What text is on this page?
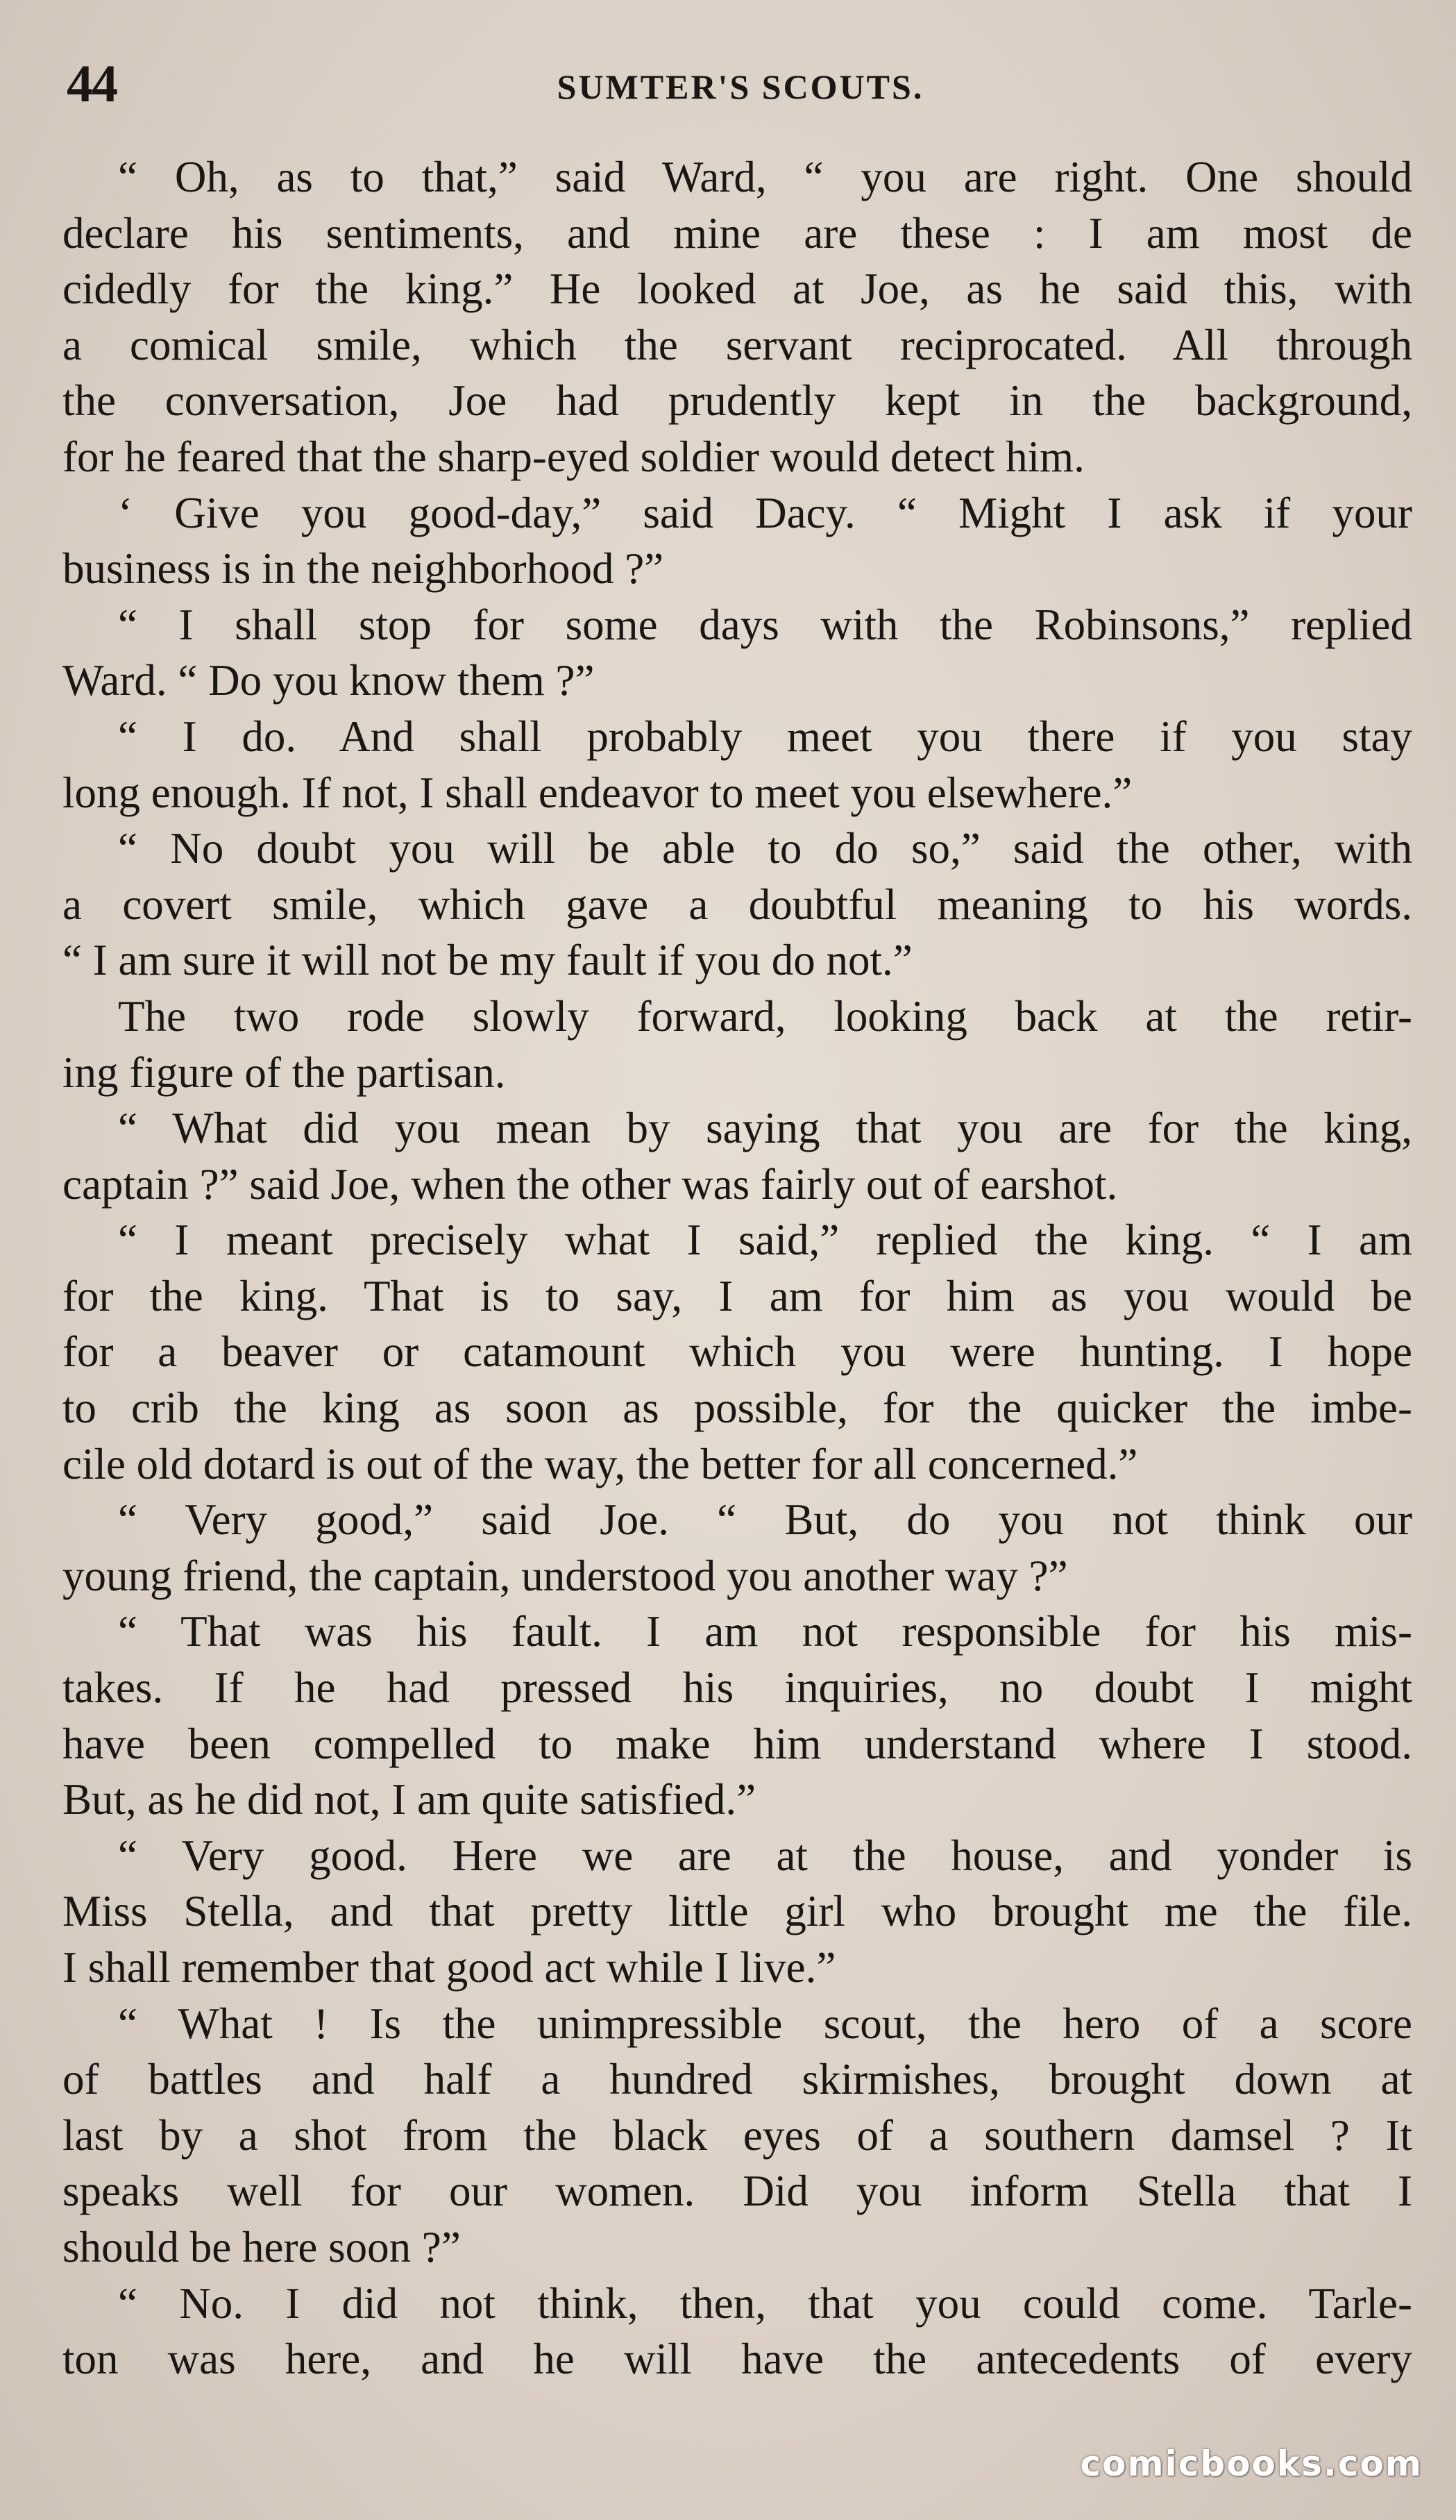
44	SUMTER'S SCOUTS.
“ Oh, as to that,” said Ward, “ you are right. One should
declare his sentiments, and mine are these : I am most de
cidedly for the king.” He looked at Joe, as he said this, with
a comical smile, which the servant reciprocated. All through
the conversation, Joe had prudently kept in the background,
for he feared that the sharp-eyed soldier would detect him.
‘ Give you good-day,” said Dacy. “ Might I ask if your
business is in the neighborhood ?”
“ I shall stop for some days with the Robinsons,” replied
Ward. “ Do you know them ?”
“ I do. And shall probably meet you there if you stay
long enough. If not, I shall endeavor to meet you elsewhere.”
“ No doubt you will be able to do so,” said the other, with
a covert smile, which gave a doubtful meaning to his words.
“ I am sure it will not be my fault if you do not.”
The two rode slowly forward, looking back at the retir-
ing figure of the partisan.
“ What did you mean by saying that you are for the king,
captain ?” said Joe, when the other was fairly out of earshot.
“ I meant precisely what I said,” replied the king. “ I am
for the king. That is to say, I am for him as you would be
for a beaver or catamount which you were hunting. I hope
to crib the king as soon as possible, for the quicker the imbe-
cile old dotard is out of the way, the better for all concerned.”
“ Very good,” said Joe. “ But, do you not think our
young friend, the captain, understood you another way ?”
“ That was his fault. I am not responsible for his mis-
takes. If he had pressed his inquiries, no doubt I might
have been compelled to make him understand where I stood.
But, as he did not, I am quite satisfied.”
“ Very good. Here we are at the house, and yonder is
Miss Stella, and that pretty little girl who brought me the file.
I shall remember that good act while I live.”
“ What ! Is the unimpressible scout, the hero of a score
of battles and half a hundred skirmishes, brought down at
last by a shot from the black eyes of a southern damsel ? It
speaks well for our women. Did you inform Stella that I
should be here soon ?”
“ No. I did not think, then, that you could come. Tarle-
ton was here, and he will have the antecedents of every
comicbooks.com
